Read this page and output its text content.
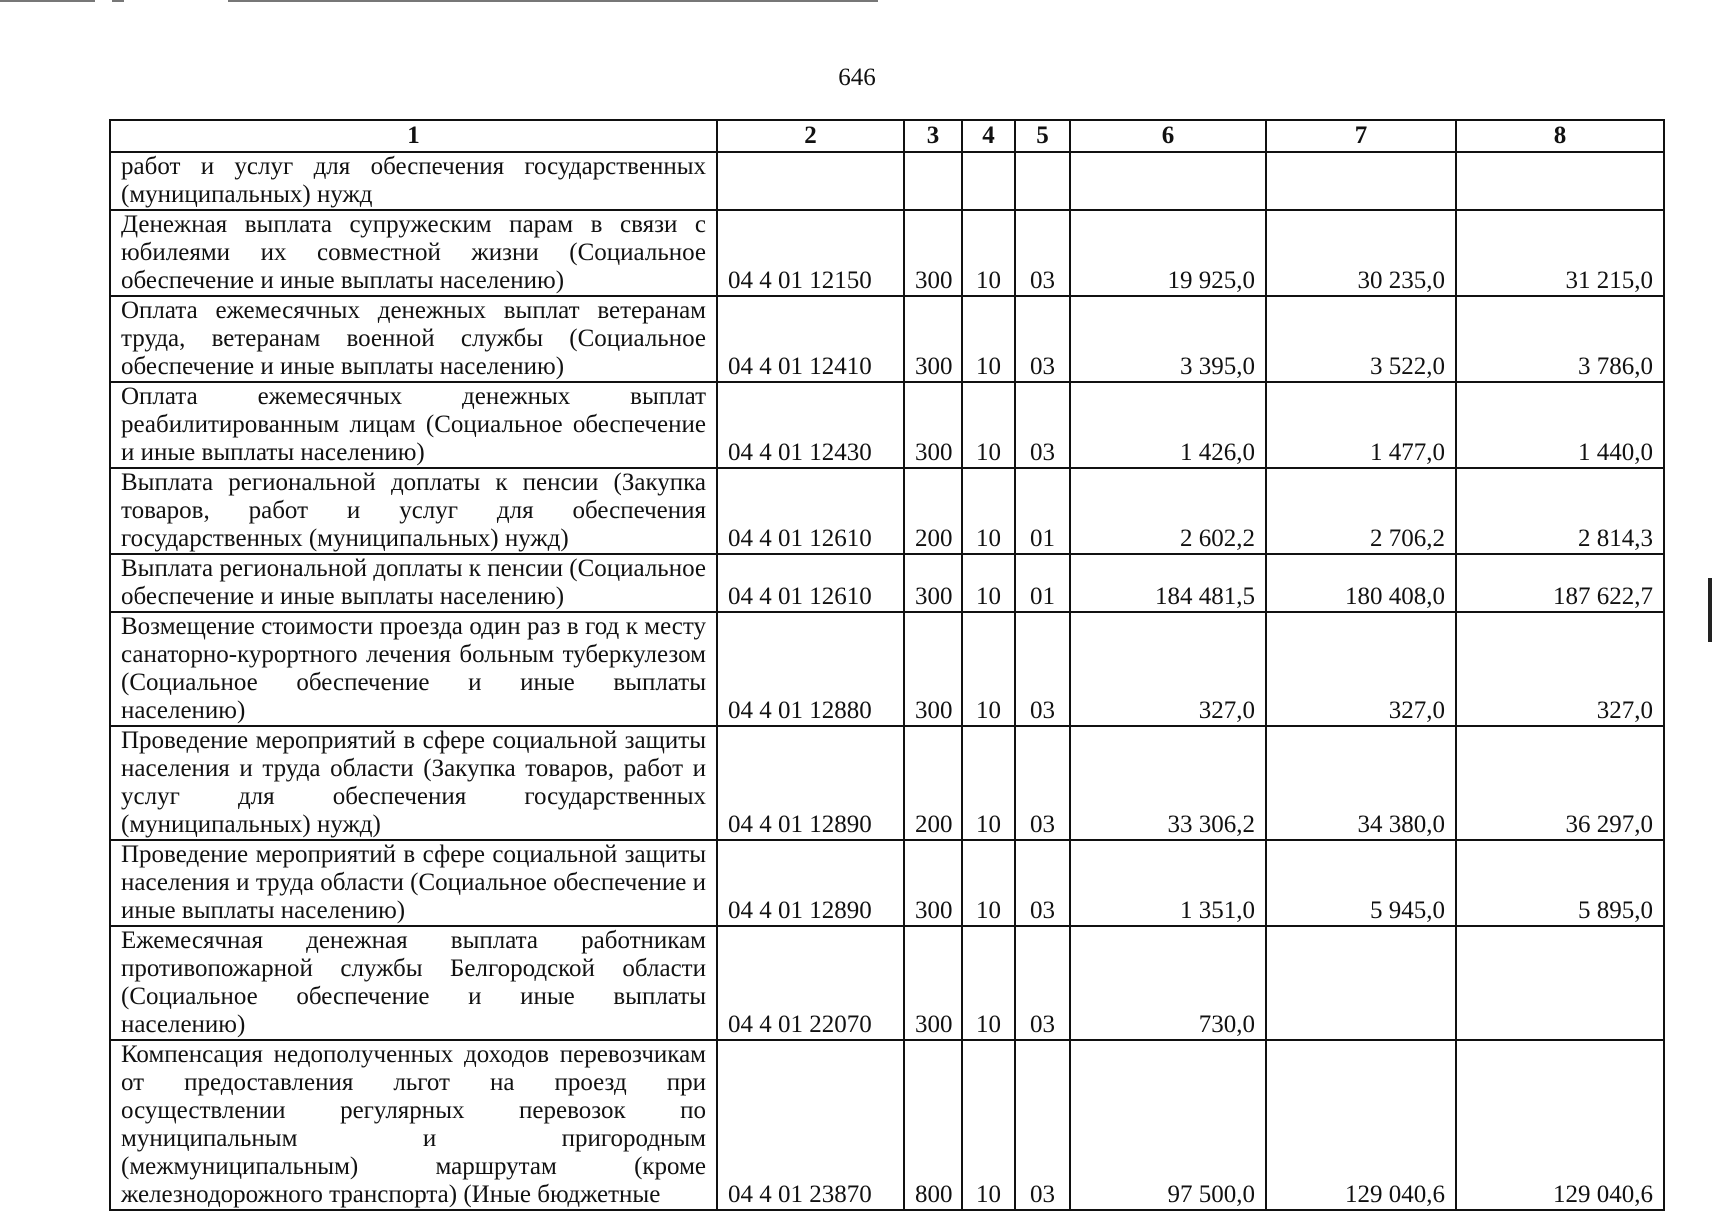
646
1	2	3	4	5	6	7	8
работ и услуг для обеспечения государственных (муниципальных) нужд							
Денежная выплата супружеским парам в связи с юбилеями их совместной жизни (Социальное обеспечение и иные выплаты населению)	04 4 01 12150	300	10	03	19 925,0	30 235,0	31 215,0
Оплата ежемесячных денежных выплат ветеранам труда, ветеранам военной службы (Социальное обеспечение и иные выплаты населению)	04 4 01 12410	300	10	03	3 395,0	3 522,0	3 786,0
Оплата ежемесячных денежных выплат реабилитированным лицам (Социальное обеспечение и иные выплаты населению)	04 4 01 12430	300	10	03	1 426,0	1 477,0	1 440,0
Выплата региональной доплаты к пенсии (Закупка товаров, работ и услуг для обеспечения государственных (муниципальных) нужд)	04 4 01 12610	200	10	01	2 602,2	2 706,2	2 814,3
Выплата региональной доплаты к пенсии (Социальное обеспечение и иные выплаты населению)	04 4 01 12610	300	10	01	184 481,5	180 408,0	187 622,7
Возмещение стоимости проезда один раз в год к месту санаторно-курортного лечения больным туберкулезом (Социальное обеспечение и иные выплаты населению)	04 4 01 12880	300	10	03	327,0	327,0	327,0
Проведение мероприятий в сфере социальной защиты населения и труда области (Закупка товаров, работ и услуг для обеспечения государственных (муниципальных) нужд)	04 4 01 12890	200	10	03	33 306,2	34 380,0	36 297,0
Проведение мероприятий в сфере социальной защиты населения и труда области (Социальное обеспечение и иные выплаты населению)	04 4 01 12890	300	10	03	1 351,0	5 945,0	5 895,0
Ежемесячная денежная выплата работникам противопожарной службы Белгородской области (Социальное обеспечение и иные выплаты населению)	04 4 01 22070	300	10	03	730,0		
Компенсация недополученных доходов перевозчикам от предоставления льгот на проезд при осуществлении регулярных перевозок по муниципальным и пригородным (межмуниципальным) маршрутам (кроме железнодорожного транспорта) (Иные бюджетные	04 4 01 23870	800	10	03	97 500,0	129 040,6	129 040,6
